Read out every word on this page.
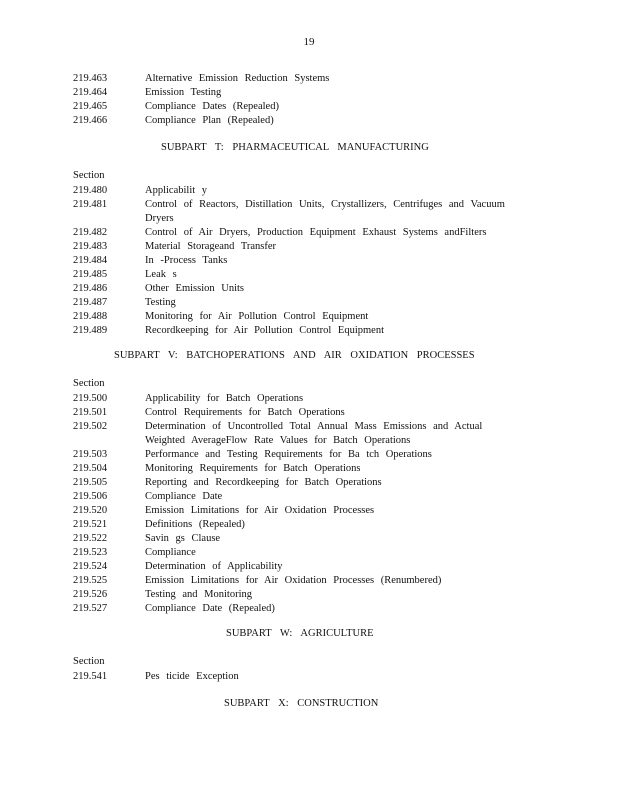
19
219.463	Alternative Emission Reduction Systems
219.464	Emission Testing
219.465	Compliance Dates (Repealed)
219.466	Compliance Plan (Repealed)
SUBPART T: PHARMACEUTICAL MANUFACTURING
Section
219.480	Applicabilit y
219.481	Control of Reactors, Distillation Units, Crystallizers, Centrifuges and Vacuum
Dryers
219.482	Control of Air Dryers, Production Equipment Exhaust Systems andFilters
219.483	Material Storageand Transfer
219.484	In -Process Tanks
219.485	Leak s
219.486	Other Emission Units
219.487	Testing
219.488	Monitoring for Air Pollution Control Equipment
219.489	Recordkeeping for Air Pollution Control Equipment
SUBPART V: BATCHOPERATIONS AND AIR OXIDATION PROCESSES
Section
219.500	Applicability for Batch Operations
219.501	Control Requirements for Batch Operations
219.502	Determination of Uncontrolled Total Annual Mass Emissions and Actual
Weighted AverageFlow Rate Values for Batch Operations
219.503	Performance and Testing Requirements for Ba tch Operations
219.504	Monitoring Requirements for Batch Operations
219.505	Reporting and Recordkeeping for Batch Operations
219.506	Compliance Date
219.520	Emission Limitations for Air Oxidation Processes
219.521	Definitions (Repealed)
219.522	Savin gs Clause
219.523	Compliance
219.524	Determination of Applicability
219.525	Emission Limitations for Air Oxidation Processes (Renumbered)
219.526	Testing and Monitoring
219.527	Compliance Date (Repealed)
SUBPART W: AGRICULTURE
Section
219.541	Pes ticide Exception
SUBPART X: CONSTRUCTION
